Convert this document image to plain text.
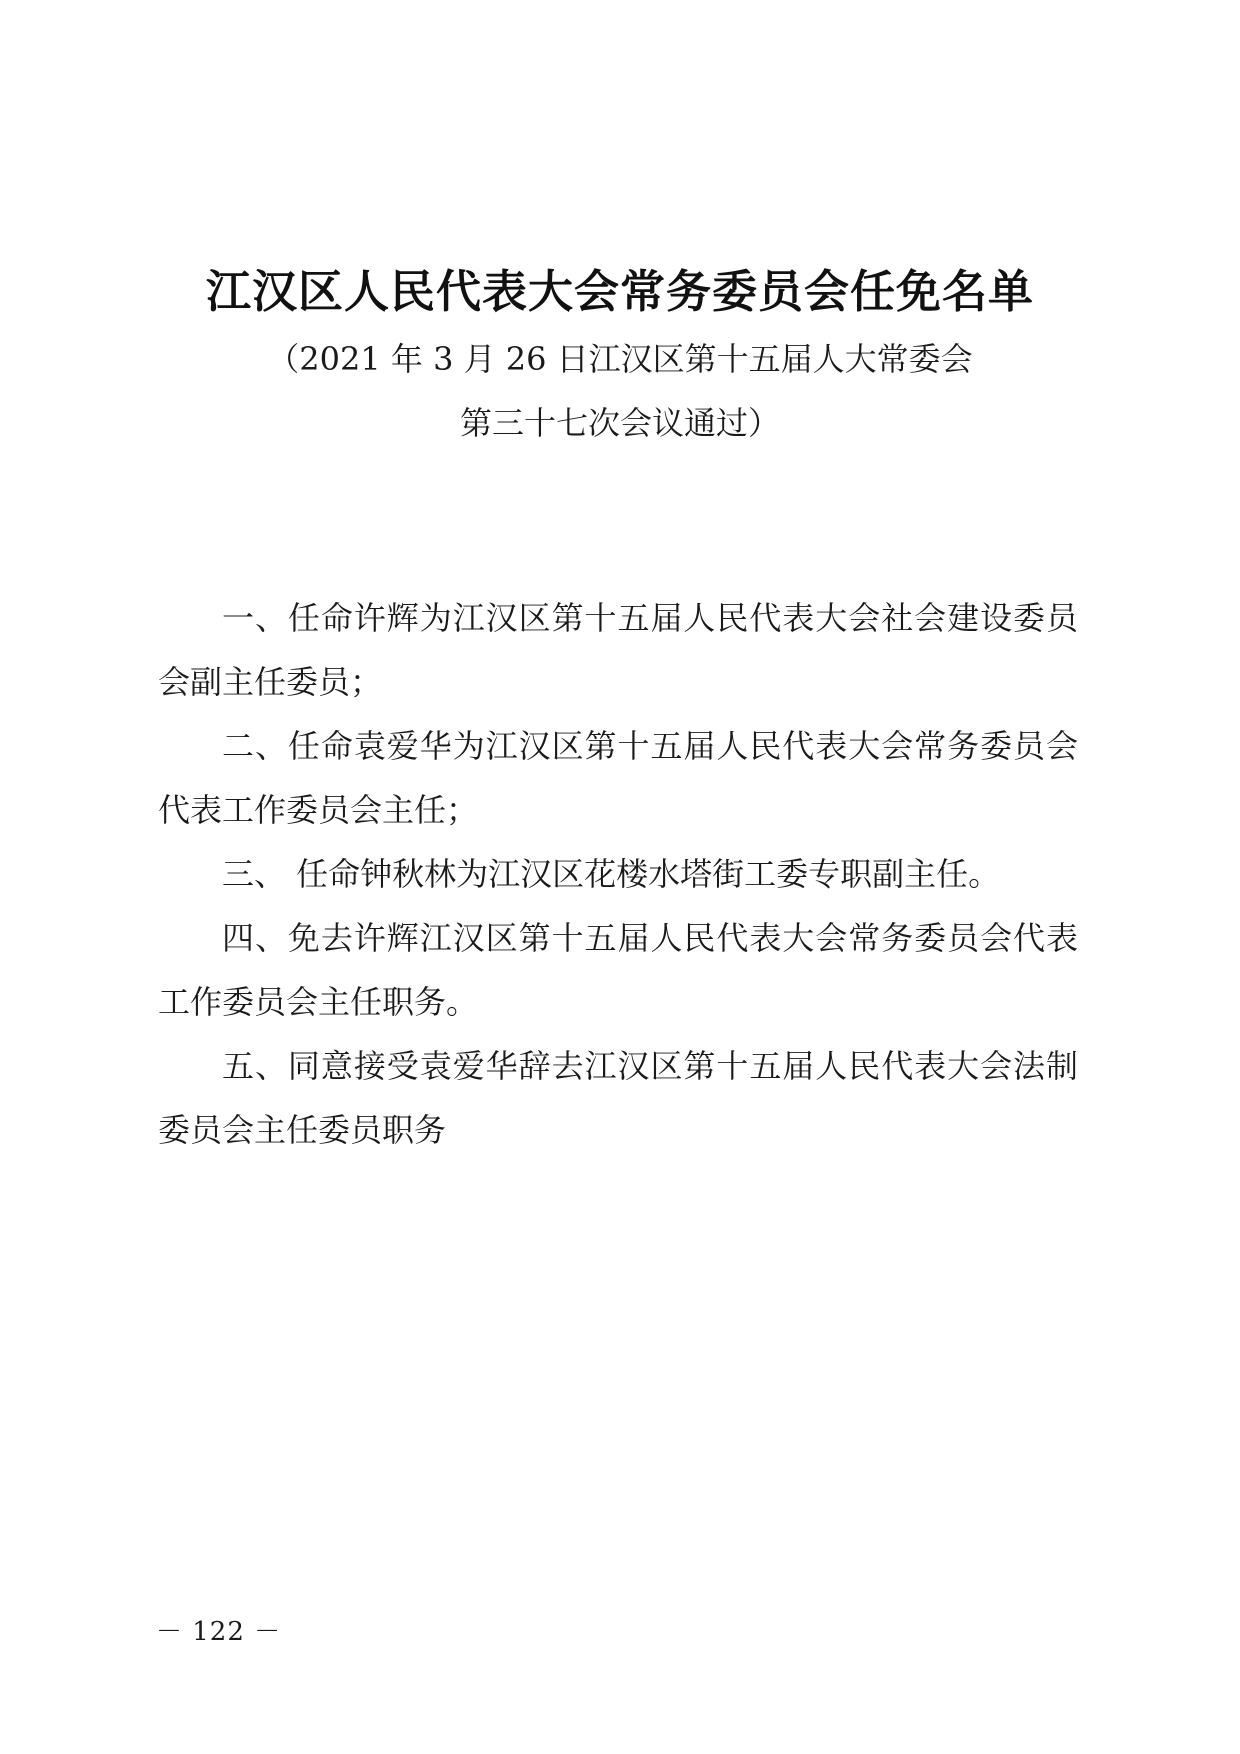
江汉区人民代表大会常务委员会任免名单
（2021 年 3 月 26 日江汉区第十五届人大常委会
第三十七次会议通过）

一、任命许辉为江汉区第十五届人民代表大会社会建设委员会副主任委员；

二、任命袁爱华为江汉区第十五届人民代表大会常务委员会代表工作委员会主任；

三、 任命钟秋林为江汉区花楼水塔街工委专职副主任。

四、免去许辉江汉区第十五届人民代表大会常务委员会代表工作委员会主任职务。

五、同意接受袁爱华辞去江汉区第十五届人民代表大会法制委员会主任委员职务

－ 122 －
